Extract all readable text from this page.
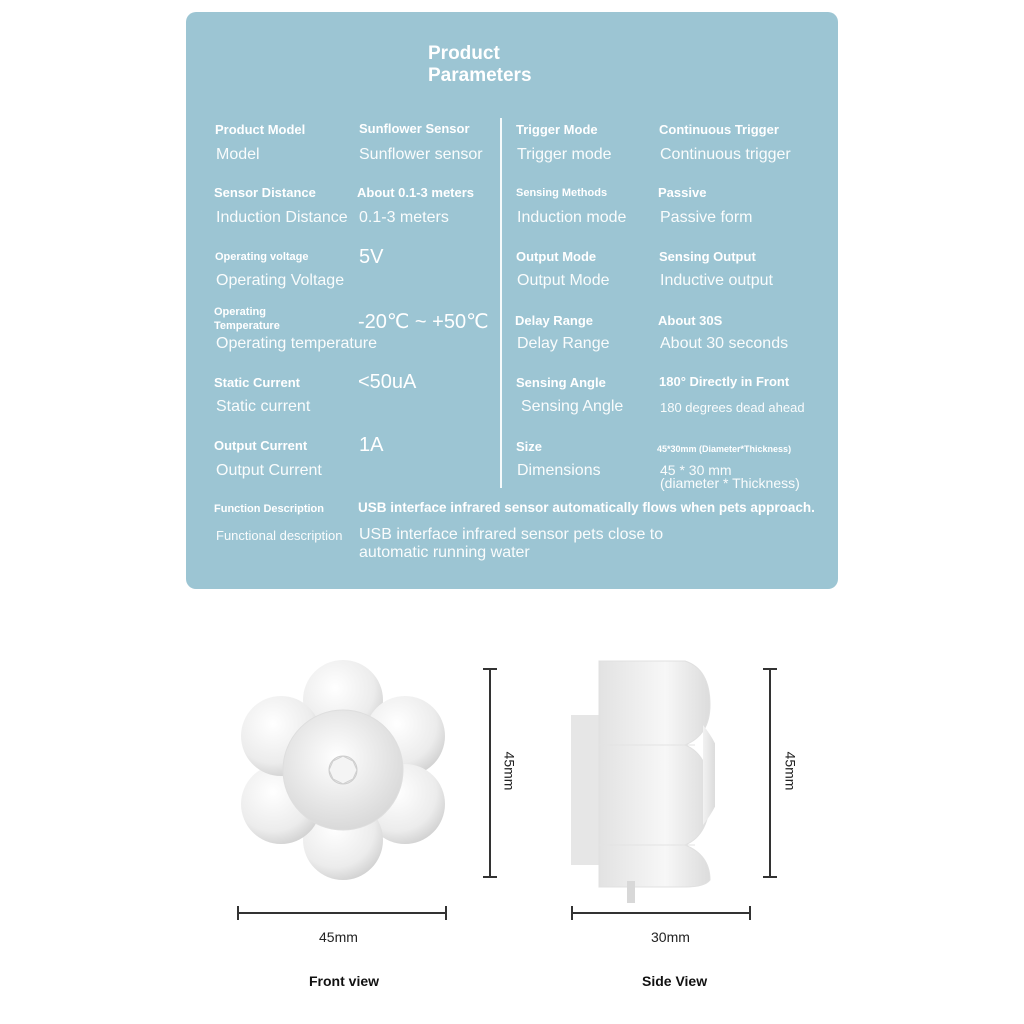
Product
Parameters
Product Model	Sunflower Sensor
Model	Sunflower sensor
Sensor Distance	About 0.1-3 meters
Induction Distance 0.1-3 meters
Operating voltage	5V
Operating Voltage
Operating
Temperature	-20℃ ~ +50℃
Operating temperature
Static Current	<50uA
Static current
Output Current	1A
Output Current
Trigger Mode	Continuous Trigger
Trigger mode	Continuous trigger
Sensing Methods	Passive
Induction mode Passive form
Output Mode	Sensing Output
Output Mode	Inductive output
Delay Range	About 30S
Delay Range	About 30 seconds
Sensing Angle	180° Directly in Front
Sensing Angle	180 degrees dead ahead
Size	45*30mm (Diameter*Thickness)
Dimensions	45 * 30 mm
(diameter * Thickness)
Function Description	USB interface infrared sensor automatically flows when pets approach.
Functional description USB interface infrared sensor pets close to automatic running water
45mm
45mm
Front view
30mm
45mm
Side View
